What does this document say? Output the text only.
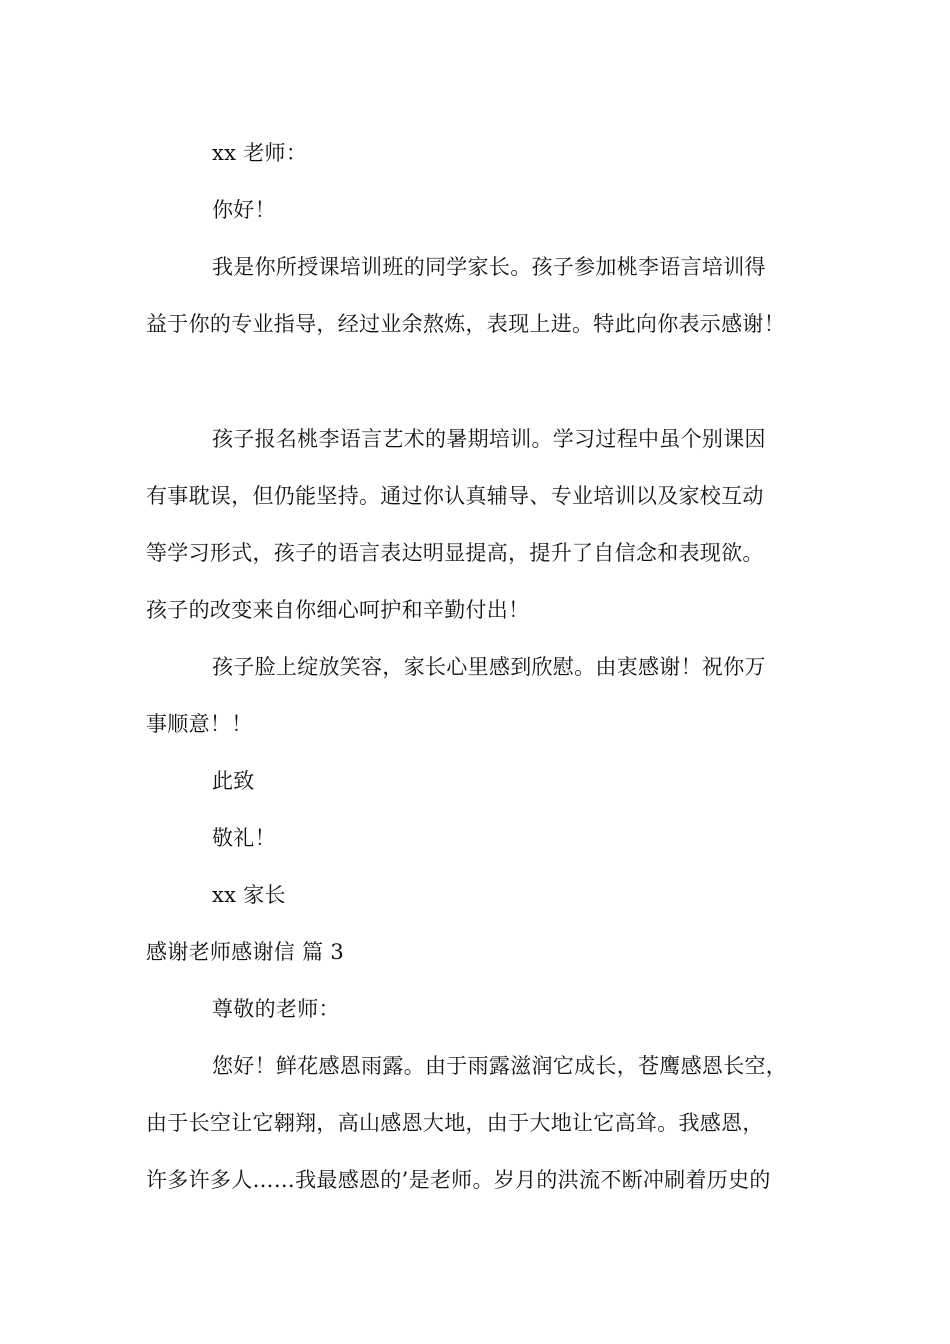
xx 老师：
你好！
我是你所授课培训班的同学家长。孩子参加桃李语言培训得
益于你的专业指导，经过业余熬炼，表现上进。特此向你表示感谢！
孩子报名桃李语言艺术的暑期培训。学习过程中虽个别课因
有事耽误，但仍能坚持。通过你认真辅导、专业培训以及家校互动
等学习形式，孩子的语言表达明显提高，提升了自信念和表现欲。
孩子的改变来自你细心呵护和辛勤付出！
孩子脸上绽放笑容，家长心里感到欣慰。由衷感谢！祝你万
事顺意！！
此致
敬礼！
xx 家长
感谢老师感谢信 篇 3
尊敬的老师：
您好！鲜花感恩雨露。由于雨露滋润它成长，苍鹰感恩长空，
由于长空让它翱翔，高山感恩大地，由于大地让它高耸。我感恩，
许多许多人……我最感恩的’是老师。岁月的洪流不断冲刷着历史的
